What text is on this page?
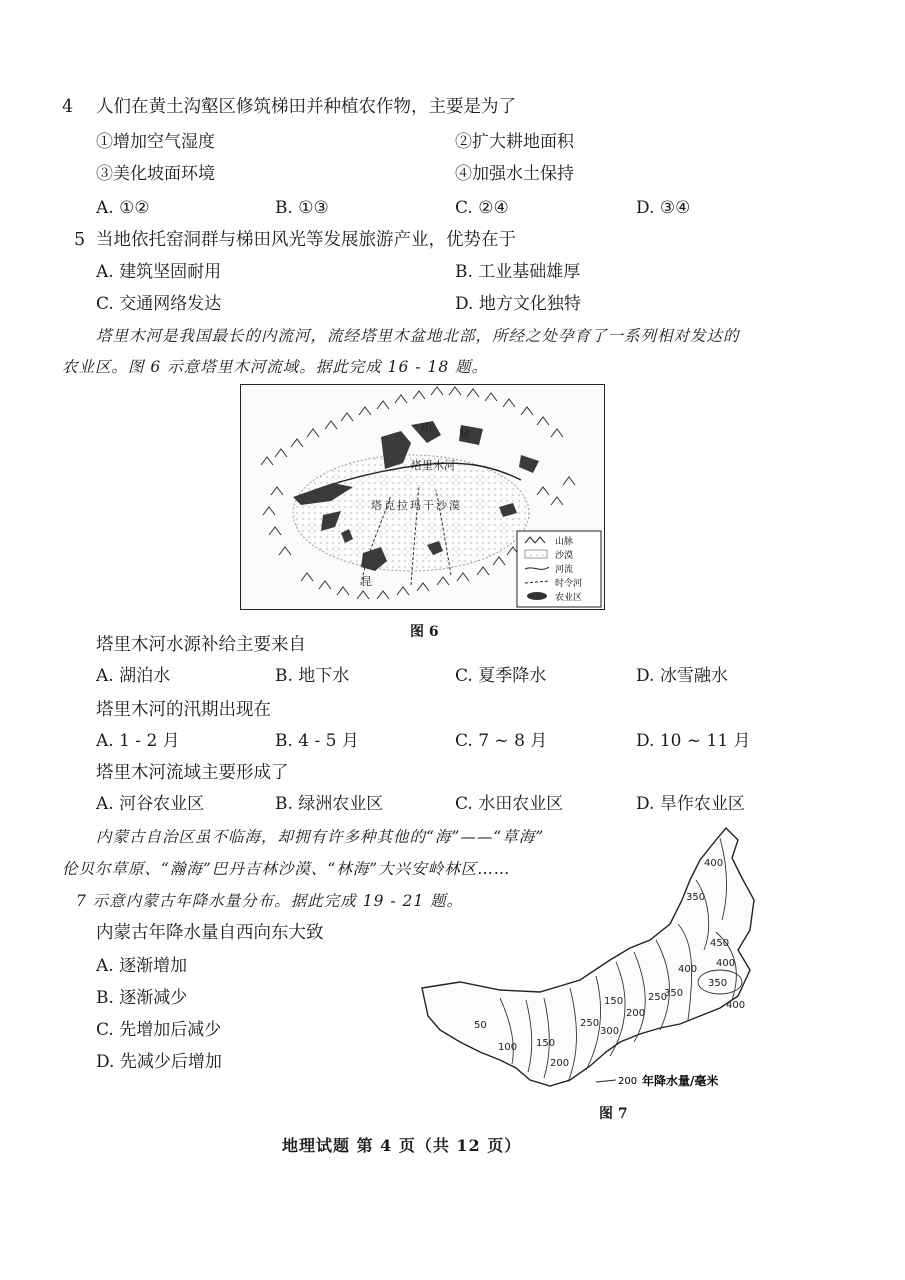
4 人们在黄土沟壑区修筑梯田并种植农作物，主要是为了
①增加空气湿度	②扩大耕地面积
③美化坡面环境	④加强水土保持
A. ①②	B. ①③	C. ②④	D. ③④
5 当地依托窑洞群与梯田风光等发展旅游产业，优势在于
A. 建筑坚固耐用	B. 工业基础雄厚
C. 交通网络发达	D. 地方文化独特
塔里木河是我国最长的内流河，流经塔里木盆地北部，所经之处孕育了一系列相对发达的
农业区。图 6 示意塔里木河流域。据此完成 16 - 18 题。
山 脉
塔里木河
塔克拉玛干沙漠
昆
山脉
沙漠
河流
时令河
农业区
图 6
塔里木河水源补给主要来自
A. 湖泊水	B. 地下水	C. 夏季降水	D. 冰雪融水
塔里木河的汛期出现在
A. 1 - 2 月	B. 4 - 5 月	C. 7 ~ 8 月	D. 10 ~ 11 月
塔里木河流域主要形成了
A. 河谷农业区	B. 绿洲农业区	C. 水田农业区	D. 旱作农业区
内蒙古自治区虽不临海，却拥有许多种其他的“海”——“草海”
伦贝尔草原、“瀚海”巴丹吉林沙漠、“林海”大兴安岭林区……
7 示意内蒙古年降水量分布。据此完成 19 - 21 题。
内蒙古年降水量自西向东大致
A. 逐渐增加
B. 逐渐减少
C. 先增加后减少
D. 先减少后增加
50
100 150
200
250
300
150
200
250
350
400
450
400
350
400
350
400
200 年降水量/毫米
图 7
地理试题 第 4 页（共 12 页）
